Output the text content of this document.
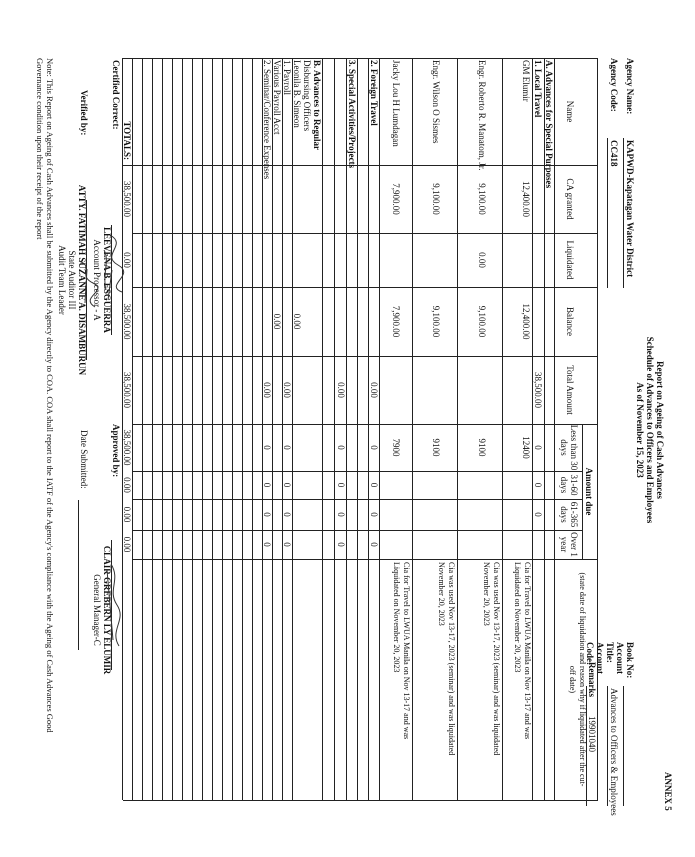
ANNEX 5
Report on Ageing of Cash Advances
Schedule of Advances to Officers and Employees
As of November 15, 2023
Agency Name:
KAPWD-Kapatagan Water District
Agency Code:
CC418
Book No:
Account Title:
Advances to Officers & Employees
Account Code:
19901040
Name
CA granted
Liquidated
Balance
Total Amount
Amount due
Less than 30 days
31-60 days
61-365 days
Over 1 year
Remarks
(state date of liquidation and reason why if liquidated after the cut-off date)
A. Advances for Special Purposes
1. Local Travel
38,500.00
0
0
0
GM Elumir
12,400.00
12,400.00
12400
Cia for Travel to LWUA Manila on Nov 13-17 and was Liquidated on November 20, 2023
Engr. Roberto R. Manatom, Jr.
9,100.00
0.00
9,100.00
9100
Cia was used Nov 13-17, 2023 (seminar) and was liquidated November 20, 2023
Engr. Wilson O Sismes
9,100.00
9,100.00
9100
Cia was used Nov 13-17, 2023 (seminar) and was liquidated November 20, 2023
Jacky Lou H Lumdagan
7,900.00
7,900.00
7900
Cia for Travel to LWUA Manila on Nov 13-17 and was Liquidated on November 20, 2023
2. Foreign Travel
0.00
0
0
0
0
3. Special Activities/Projects
0.00
0
0
0
0
B. Advances to Regular
Disbursing Officers
Leonila B. Simeon
0.00
1. Payroll
Various Payroll Acct
0.00
0.00
0
0
0
0
2. Seminar/Conference Expenses
0.00
0
0
0
0
TOTALS:
38,500.00
0.00
38,500.00
38,500.00
38,500.00
0.00
0.00
0.00
Certified Correct:
LEEVENA B. ESGUERRA
Account Processor - A
Approved by:
CLAIR GREBERN LY ELUMIR
General Manager-C
Verified by:
ATTY. FATIMAH SUZANNE A. DISAMBURUN
State Auditor III
Audit Team Leader
Date Submitted:
Note: This Report on Ageing of Cash Advances shall be submitted by the Agency directly to COA. COA shall report to the IATF of the Agency's compliance with the Ageing of Cash Advances Good
Governance condition upon their receipt of the report
